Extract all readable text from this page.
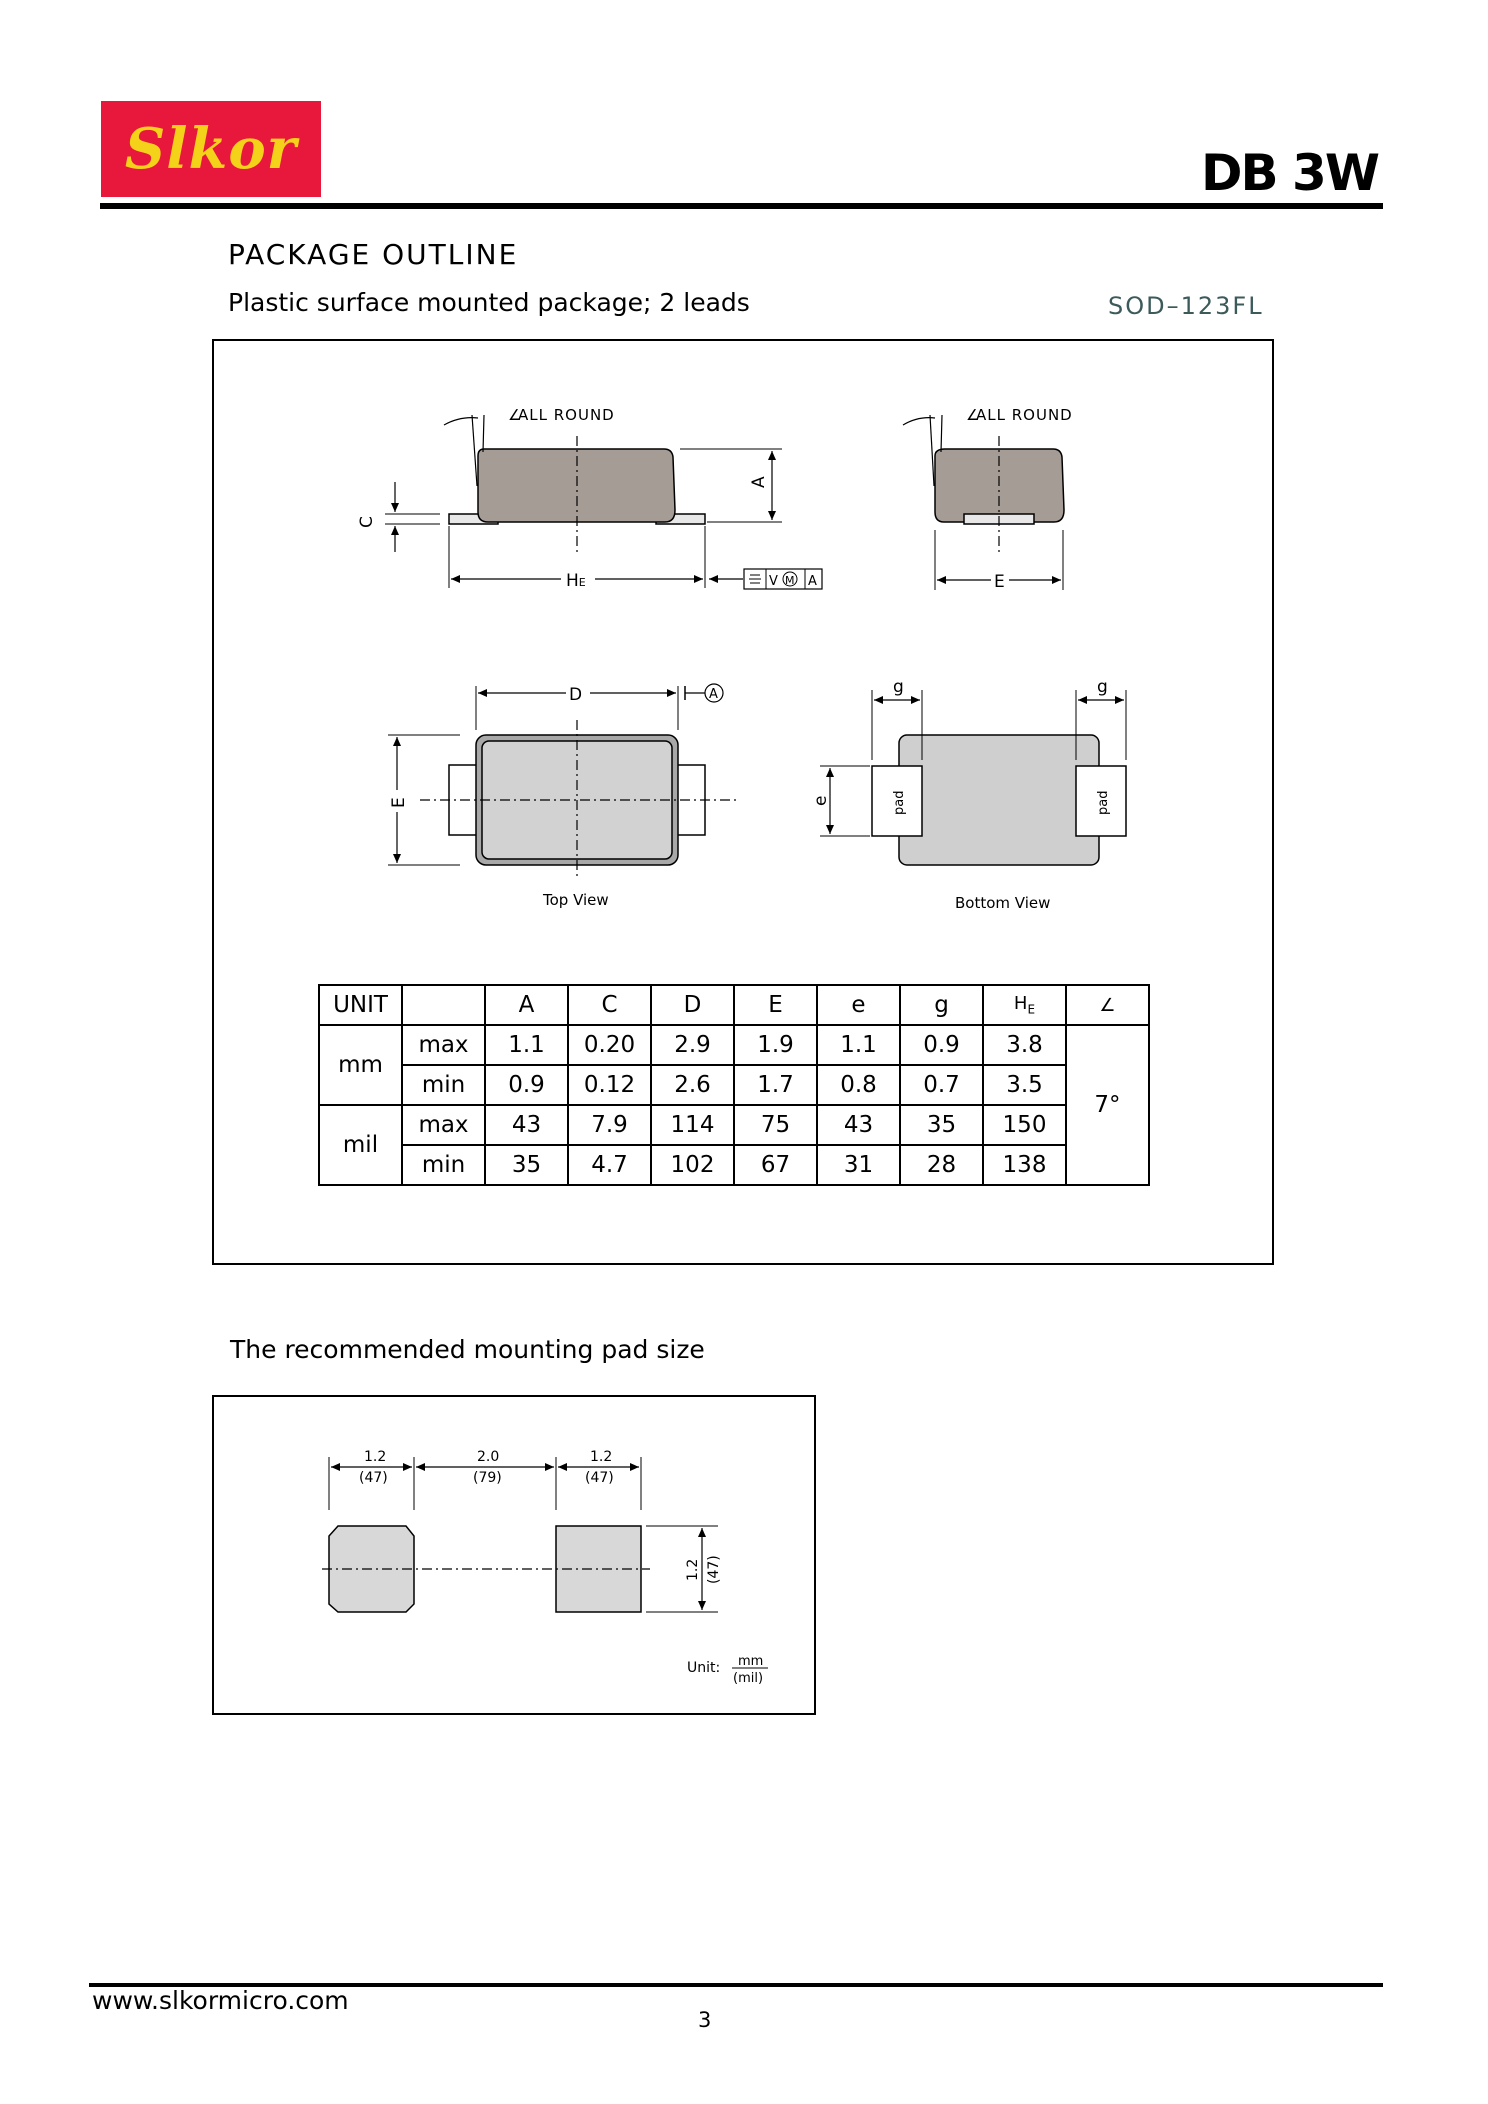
Slkor	DB 3W
PACKAGE OUTLINE
Plastic surface mounted package; 2 leads	SOD–123FL
ALL ROUND
∠
A
C
HE	V M A
ALL ROUND
∠
E
D	A
E
Top View
pad	pad
g	g
e
Bottom View
UNIT		A	C	D	E	e	g	$H_E$	∠
mm	max	1.1	0.20	2.9	1.9	1.1	0.9	3.8	7°
	min	0.9	0.12	2.6	1.7	0.8	0.7	3.5	
mil	max	43	7.9	114	75	43	35	150	
	min	35	4.7	102	67	31	28	138	
The recommended mounting pad size
1.2
(47)
2.0
(79)
1.2
(47)
1.2 (47)
Unit: mm
(mil)
www.slkormicro.com
3
